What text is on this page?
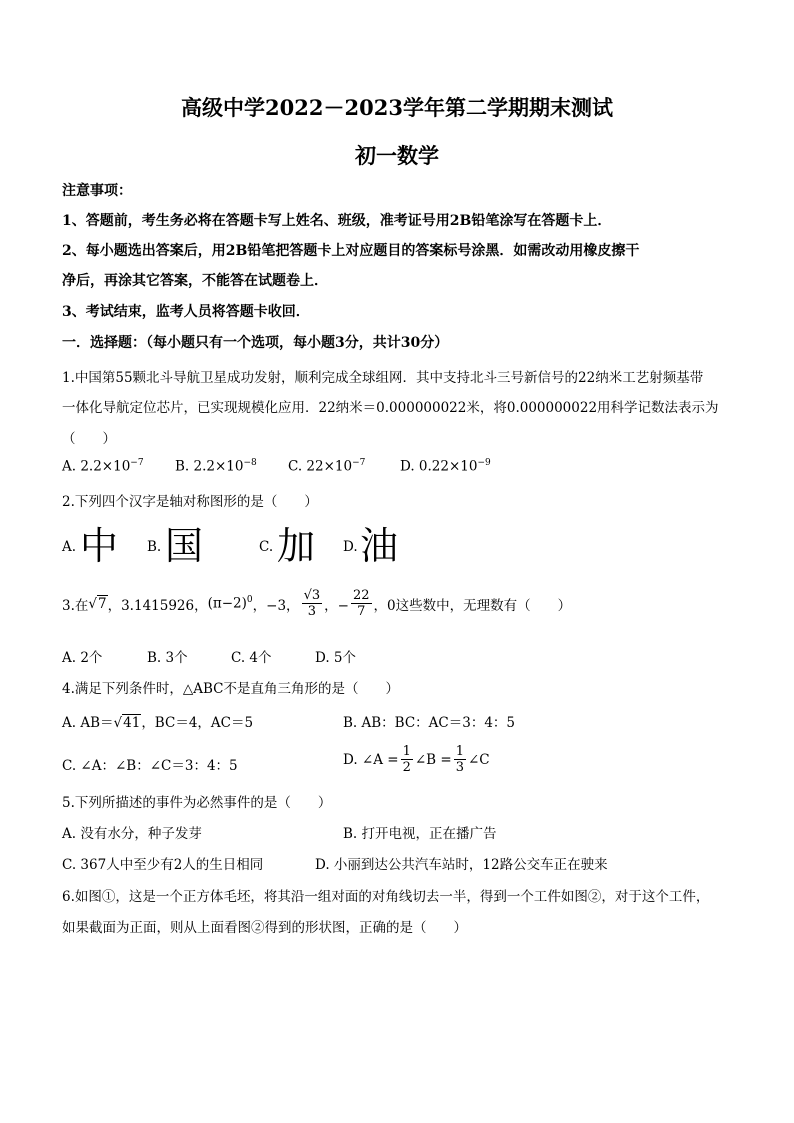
高级中学2022－2023学年第二学期期末测试
初一数学
注意事项：
1、答题前，考生务必将在答题卡写上姓名、班级，准考证号用2B铅笔涂写在答题卡上．
2、每小题选出答案后，用2B铅笔把答题卡上对应题目的答案标号涂黑．如需改动用橡皮擦干
净后，再涂其它答案，不能答在试题卷上．
3、考试结束，监考人员将答题卡收回．
一．选择题：（每小题只有一个选项，每小题3分，共计30分）
1.中国第55颗北斗导航卫星成功发射，顺利完成全球组网．其中支持北斗三号新信号的22纳米工艺射频基带
一体化导航定位芯片，已实现规模化应用．22纳米＝0.000000022米，将0.000000022用科学记数法表示为
（　　）
A. $2.2\times 10^{-7}$ B. $2.2\times 10^{-8}$ C. $22\times 10^{-7}$	D. $0.22\times 10^{-9}$
2.下列四个汉字是轴对称图形的是（　　）
A. 中 B. 国	C. 加 D. 油
3.在 √7 ，3.1415926， $(\pi-2)^0$ ，−3， $\frac{√3}{3}$ ，− $\frac{22}{7}$ ，0这些数中，无理数有（　　）
A. 2个	B. 3个	C. 4个	D. 5个
4.满足下列条件时，△ABC不是直角三角形的是（　　）
A. AB＝√41，BC＝4，AC＝5	B. AB：BC：AC＝3：4：5
C. ∠A：∠B：∠C＝3：4：5	D. ∠A = $\frac{1}{2}$ ∠B = $\frac{1}{3}$ ∠C
5.下列所描述的事件为必然事件的是（　　）
A. 没有水分，种子发芽	B. 打开电视，正在播广告
C. 367人中至少有2人的生日相同	D. 小丽到达公共汽车站时，12路公交车正在驶来
6.如图①，这是一个正方体毛坯，将其沿一组对面的对角线切去一半，得到一个工件如图②，对于这个工件，
如果截面为正面，则从上面看图②得到的形状图，正确的是（　　）
